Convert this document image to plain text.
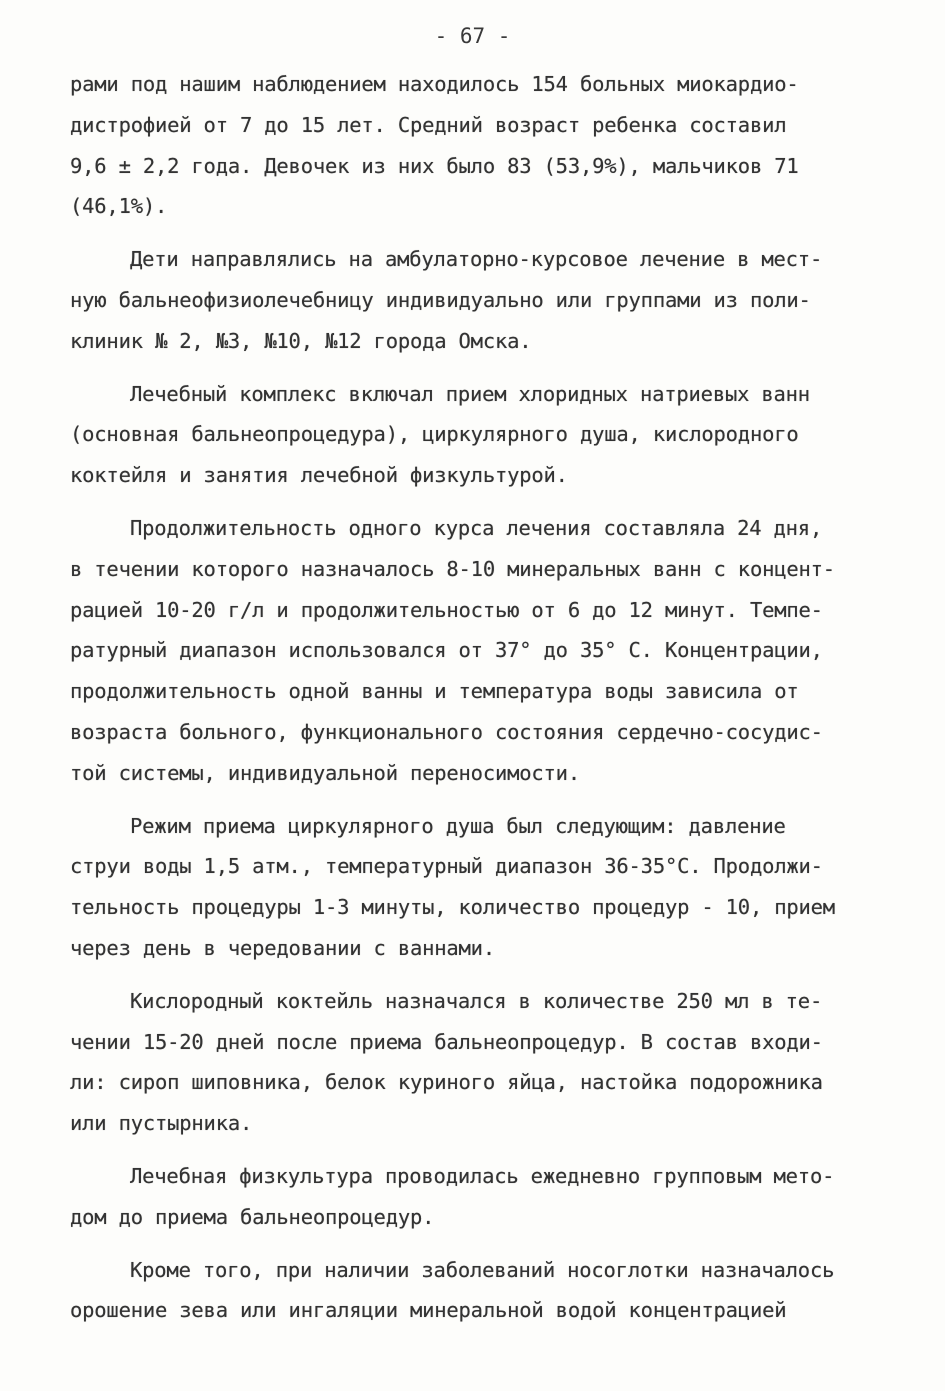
- 67 -
рами под нашим наблюдением находилось 154 больных миокардио-
дистрофией от 7 до 15 лет. Средний возраст ребенка составил
9,6 ± 2,2 года. Девочек из них было 83 (53,9%), мальчиков 71
(46,1%).
Дети направлялись на амбулаторно-курсовое лечение в мест-
ную бальнеофизиолечебницу индивидуально или группами из поли-
клиник № 2, №3, №10, №12 города Омска.
Лечебный комплекс включал прием хлоридных натриевых ванн
(основная бальнеопроцедура), циркулярного душа, кислородного
коктейля и занятия лечебной физкультурой.
Продолжительность одного курса лечения составляла 24 дня,
в течении которого назначалось 8-10 минеральных ванн с концент-
рацией 10-20 г/л и продолжительностью от 6 до 12 минут. Темпе-
ратурный диапазон использовался от 37° до 35° С. Концентрации,
продолжительность одной ванны и температура воды зависила от
возраста больного, функционального состояния сердечно-сосудис-
той системы, индивидуальной переносимости.
Режим приема циркулярного душа был следующим: давление
струи воды 1,5 атм., температурный диапазон 36-35°С. Продолжи-
тельность процедуры 1-3 минуты, количество процедур - 10, прием
через день в чередовании с ваннами.
Кислородный коктейль назначался в количестве 250 мл в те-
чении 15-20 дней после приема бальнеопроцедур. В состав входи-
ли: сироп шиповника, белок куриного яйца, настойка подорожника
или пустырника.
Лечебная физкультура проводилась ежедневно групповым мето-
дом до приема бальнеопроцедур.
Кроме того, при наличии заболеваний носоглотки назначалось
орошение зева или ингаляции минеральной водой концентрацией
